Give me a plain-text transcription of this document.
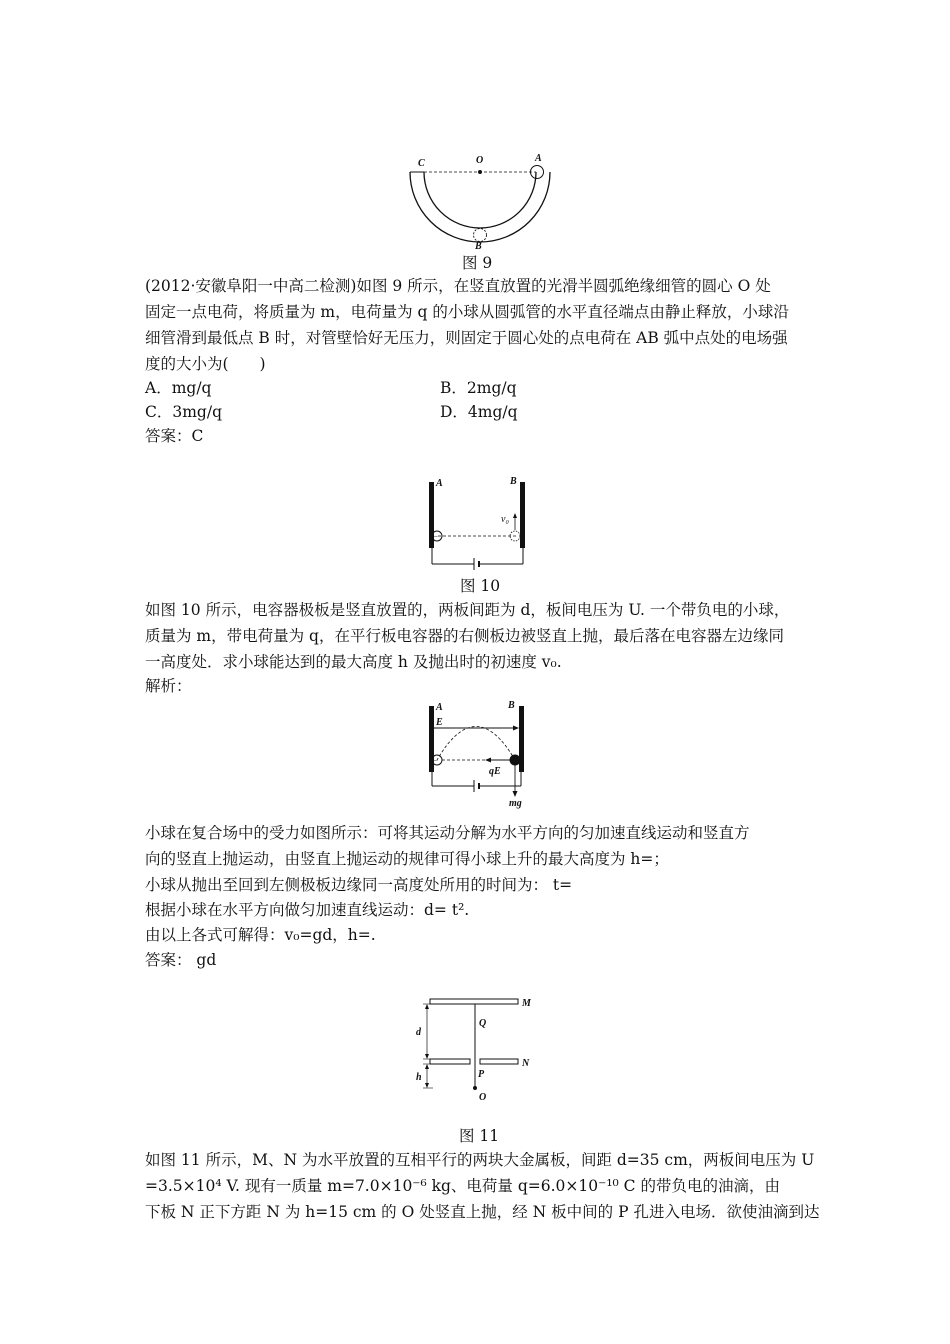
C	O	A
B
图 9
(2012·安徽阜阳一中高二检测)如图 9 所示，在竖直放置的光滑半圆弧绝缘细管的圆心 O 处
固定一点电荷，将质量为 m，电荷量为 q 的小球从圆弧管的水平直径端点由静止释放，小球沿
细管滑到最低点 B 时，对管壁恰好无压力，则固定于圆心处的点电荷在 AB 弧中点处的电场强
度的大小为(　　)
A．mg/q	B．2mg/q
C．3mg/q	D．4mg/q
答案：C
−
A	B
v₀
图 10
如图 10 所示，电容器极板是竖直放置的，两板间距为 d，板间电压为 U. 一个带负电的小球，
质量为 m，带电荷量为 q，在平行板电容器的右侧板边被竖直上抛，最后落在电容器左边缘同
一高度处．求小球能达到的最大高度 h 及抛出时的初速度 v₀.
解析：
−
A	B
E
qE
mg
小球在复合场中的受力如图所示：可将其运动分解为水平方向的匀加速直线运动和竖直方
向的竖直上抛运动，由竖直上抛运动的规律可得小球上升的最大高度为 h=；
小球从抛出至回到左侧极板边缘同一高度处所用的时间为： t=
根据小球在水平方向做匀加速直线运动：d= t².
由以上各式可解得：v₀=gd，h=.
答案： gd
M
N
Q
P
O
d
h
图 11
如图 11 所示，M、N 为水平放置的互相平行的两块大金属板，间距 d=35 cm，两板间电压为 U
=3.5×10⁴ V. 现有一质量 m=7.0×10⁻⁶ kg、电荷量 q=6.0×10⁻¹⁰ C 的带负电的油滴，由
下板 N 正下方距 N 为 h=15 cm 的 O 处竖直上抛，经 N 板中间的 P 孔进入电场．欲使油滴到达
